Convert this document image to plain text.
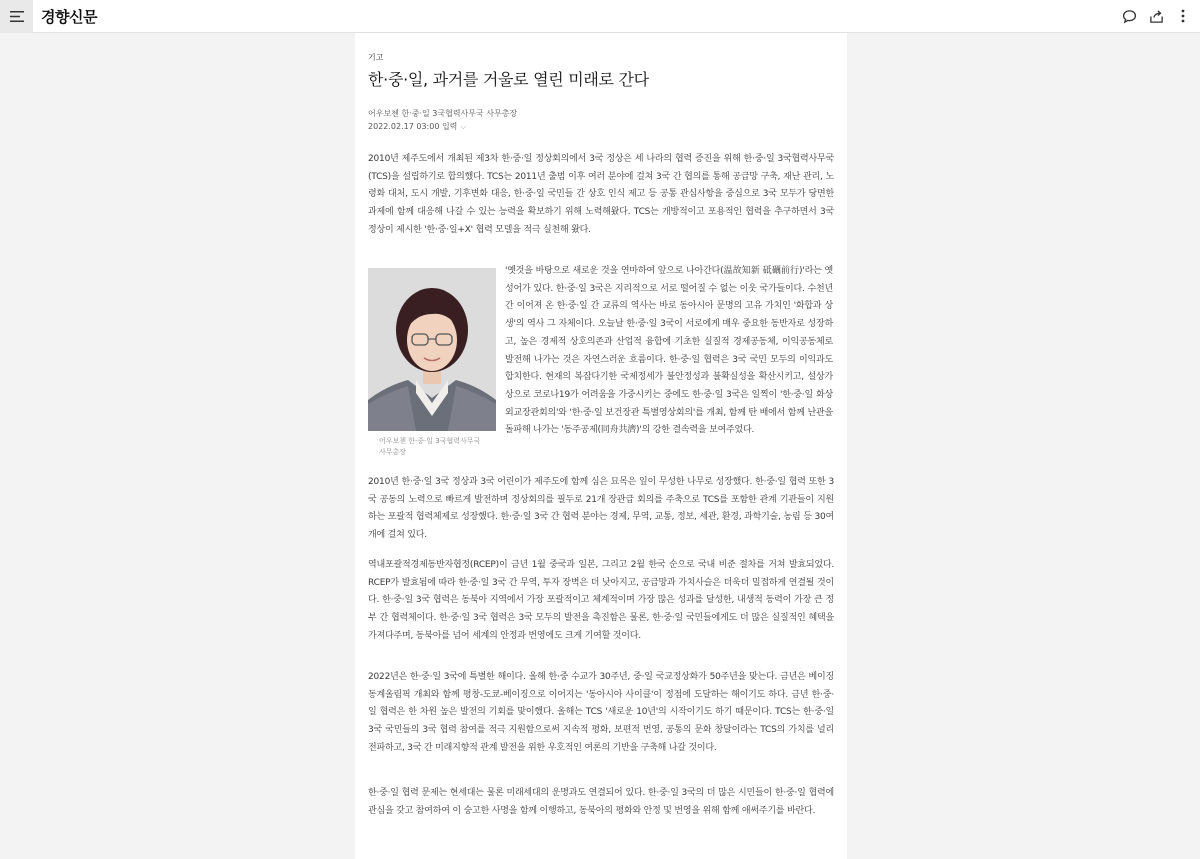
경향신문
기고
한·중·일, 과거를 거울로 열린 미래로 간다
어우보첸 한·중·일 3국협력사무국 사무총장
2022.02.17 03:00 입력 ⌵

2010년 제주도에서 개최된 제3차 한·중·일 정상회의에서 3국 정상은 세 나라의 협력 증진을 위해 한·중·일 3국협력사무국(TCS)을 설립하기로 합의했다. TCS는 2011년 출범 이후 여러 분야에 걸쳐 3국 간 협의를 통해 공급망 구축, 재난 관리, 노령화 대처, 도시 개발, 기후변화 대응, 한·중·일 국민들 간 상호 인식 제고 등 공통 관심사항을 중심으로 3국 모두가 당면한 과제에 함께 대응해 나갈 수 있는 능력을 확보하기 위해 노력해왔다. TCS는 개방적이고 포용적인 협력을 추구하면서 3국 정상이 제시한 '한·중·일+X' 협력 모델을 적극 실천해 왔다.

어우보첸 한·중·일 3국협력사무국 사무총장

'옛것을 바탕으로 새로운 것을 연마하여 앞으로 나아간다(温故知新 砥礪前行)'라는 옛 성어가 있다. 한·중·일 3국은 지리적으로 서로 떨어질 수 없는 이웃 국가들이다. 수천년간 이어져 온 한·중·일 간 교류의 역사는 바로 동아시아 문명의 고유 가치인 '화합과 상생'의 역사 그 자체이다. 오늘날 한·중·일 3국이 서로에게 매우 중요한 동반자로 성장하고, 높은 경제적 상호의존과 산업적 융합에 기초한 실질적 경제공동체, 이익공동체로 발전해 나가는 것은 자연스러운 흐름이다. 한·중·일 협력은 3국 국민 모두의 이익과도 합치한다. 현재의 복잡다기한 국제정세가 불안정성과 불확실성을 확산시키고, 설상가상으로 코로나19가 어려움을 가중시키는 중에도 한·중·일 3국은 일찍이 '한·중·일 화상 외교장관회의'와 '한·중·일 보건장관 특별영상회의'를 개최, 함께 탄 배에서 함께 난관을 돌파해 나가는 '동주공제(同舟共濟)'의 강한 결속력을 보여주었다.

2010년 한·중·일 3국 정상과 3국 어린이가 제주도에 함께 심은 묘목은 잎이 무성한 나무로 성장했다. 한·중·일 협력 또한 3국 공동의 노력으로 빠르게 발전하며 정상회의를 필두로 21개 장관급 회의를 주축으로 TCS를 포함한 관계 기관들이 지원하는 포괄적 협력체제로 성장했다. 한·중·일 3국 간 협력 분야는 경제, 무역, 교통, 정보, 세관, 환경, 과학기술, 농림 등 30여 개에 걸쳐 있다.

역내포괄적경제동반자협정(RCEP)이 금년 1월 중국과 일본, 그리고 2월 한국 순으로 국내 비준 절차를 거쳐 발효되었다. RCEP가 발효됨에 따라 한·중·일 3국 간 무역, 투자 장벽은 더 낮아지고, 공급망과 가치사슬은 더욱더 밀접하게 연결될 것이다. 한·중·일 3국 협력은 동북아 지역에서 가장 포괄적이고 체계적이며 가장 많은 성과를 달성한, 내생적 동력이 가장 큰 정부 간 협력체이다. 한·중·일 3국 협력은 3국 모두의 발전을 촉진함은 물론, 한·중·일 국민들에게도 더 많은 실질적인 혜택을 가져다주며, 동북아를 넘어 세계의 안정과 번영에도 크게 기여할 것이다.

2022년은 한·중·일 3국에 특별한 해이다. 올해 한·중 수교가 30주년, 중·일 국교정상화가 50주년을 맞는다. 금년은 베이징 동계올림픽 개최와 함께 평창-도쿄-베이징으로 이어지는 '동아시아 사이클'이 정점에 도달하는 해이기도 하다. 금년 한·중·일 협력은 한 차원 높은 발전의 기회를 맞이했다. 올해는 TCS '새로운 10년'의 시작이기도 하기 때문이다. TCS는 한·중·일 3국 국민들의 3국 협력 참여를 적극 지원함으로써 지속적 평화, 보편적 번영, 공통의 문화 창달이라는 TCS의 가치를 널리 전파하고, 3국 간 미래지향적 관계 발전을 위한 우호적인 여론의 기반을 구축해 나갈 것이다.

한·중·일 협력 문제는 현세대는 물론 미래세대의 운명과도 연결되어 있다. 한·중·일 3국의 더 많은 시민들이 한·중·일 협력에 관심을 갖고 참여하여 이 숭고한 사명을 함께 이행하고, 동북아의 평화와 안정 및 번영을 위해 함께 애써주기를 바란다.
